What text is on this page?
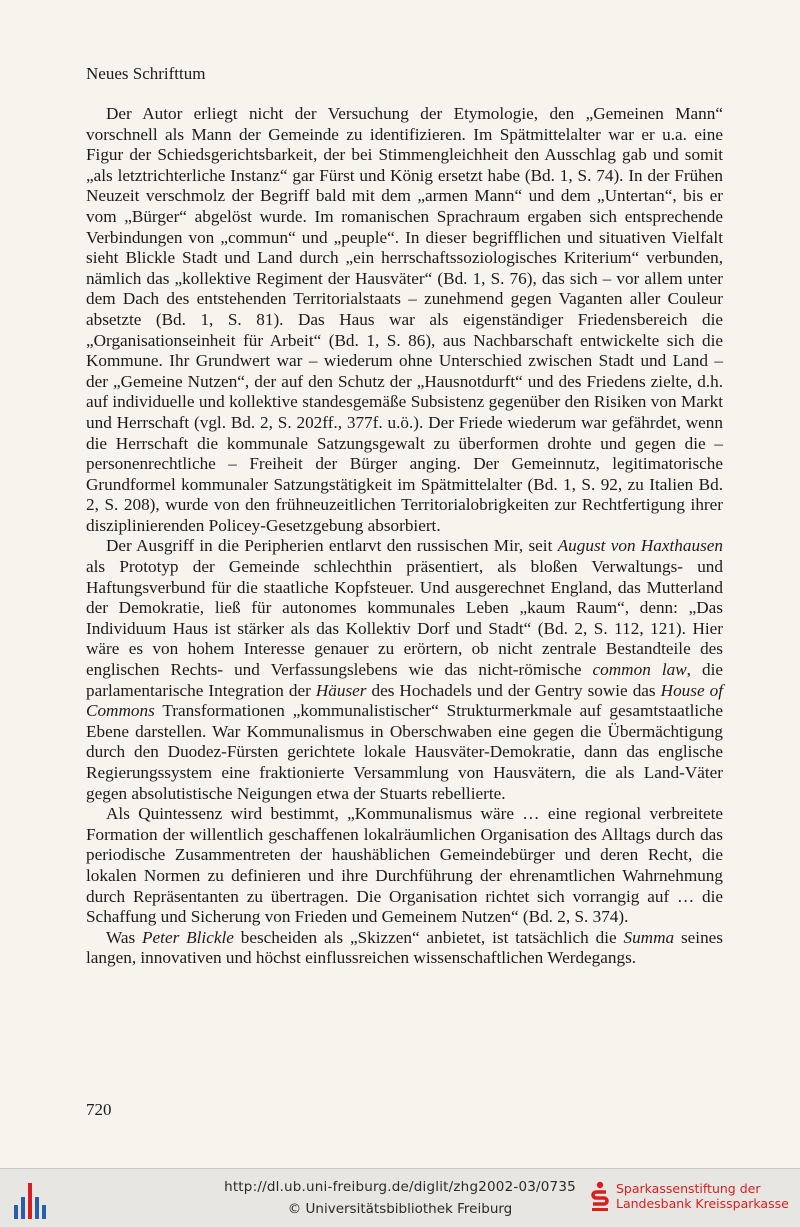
Neues Schrifttum

Der Autor erliegt nicht der Versuchung der Etymologie, den „Gemeinen Mann“ vorschnell als Mann der Gemeinde zu identifizieren. Im Spätmittelalter war er u.a. eine Figur der Schiedsgerichtsbarkeit, der bei Stimmengleichheit den Ausschlag gab und somit „als letztrichterliche Instanz“ gar Fürst und König ersetzt habe (Bd. 1, S. 74). In der Frühen Neuzeit verschmolz der Begriff bald mit dem „armen Mann“ und dem „Untertan“, bis er vom „Bürger“ abgelöst wurde. Im romanischen Sprachraum ergaben sich entsprechende Verbindungen von „commun“ und „peuple“. In dieser begrifflichen und situativen Vielfalt sieht Blickle Stadt und Land durch „ein herrschaftssoziologisches Kriterium“ verbunden, nämlich das „kollektive Regiment der Hausväter“ (Bd. 1, S. 76), das sich – vor allem unter dem Dach des entstehenden Territorialstaats – zunehmend gegen Vaganten aller Couleur absetzte (Bd. 1, S. 81). Das Haus war als eigenständiger Friedensbereich die „Organisationseinheit für Arbeit“ (Bd. 1, S. 86), aus Nachbarschaft entwickelte sich die Kommune. Ihr Grundwert war – wiederum ohne Unterschied zwischen Stadt und Land – der „Gemeine Nutzen“, der auf den Schutz der „Hausnotdurft“ und des Friedens zielte, d.h. auf individuelle und kollektive standesgemäße Subsistenz gegenüber den Risiken von Markt und Herrschaft (vgl. Bd. 2, S. 202ff., 377f. u.ö.). Der Friede wiederum war gefährdet, wenn die Herrschaft die kommunale Satzungsgewalt zu überformen drohte und gegen die – personenrechtliche – Freiheit der Bürger anging. Der Gemeinnutz, legitimatorische Grundformel kommunaler Satzungstätigkeit im Spätmittelalter (Bd. 1, S. 92, zu Italien Bd. 2, S. 208), wurde von den frühneuzeitlichen Territorialobrigkeiten zur Rechtfertigung ihrer disziplinierenden Policey-Gesetzgebung absorbiert.

Der Ausgriff in die Peripherien entlarvt den russischen Mir, seit August von Haxthausen als Prototyp der Gemeinde schlechthin präsentiert, als bloßen Verwaltungs- und Haftungsverbund für die staatliche Kopfsteuer. Und ausgerechnet England, das Mutterland der Demokratie, ließ für autonomes kommunales Leben „kaum Raum“, denn: „Das Individuum Haus ist stärker als das Kollektiv Dorf und Stadt“ (Bd. 2, S. 112, 121). Hier wäre es von hohem Interesse genauer zu erörtern, ob nicht zentrale Bestandteile des englischen Rechts- und Verfassungslebens wie das nicht-römische common law, die parlamentarische Integration der Häuser des Hochadels und der Gentry sowie das House of Commons Transformationen „kommunalistischer“ Strukturmerkmale auf gesamtstaatliche Ebene darstellen. War Kommunalismus in Oberschwaben eine gegen die Übermächtigung durch den Duodez-Fürsten gerichtete lokale Hausväter-Demokratie, dann das englische Regierungssystem eine fraktionierte Versammlung von Hausvätern, die als Land-Väter gegen absolutistische Neigungen etwa der Stuarts rebellierte.

Als Quintessenz wird bestimmt, „Kommunalismus wäre … eine regional verbreitete Formation der willentlich geschaffenen lokalräumlichen Organisation des Alltags durch das periodische Zusammentreten der haushäblichen Gemeindebürger und deren Recht, die lokalen Normen zu definieren und ihre Durchführung der ehrenamtlichen Wahrnehmung durch Repräsentanten zu übertragen. Die Organisation richtet sich vorrangig auf … die Schaffung und Sicherung von Frieden und Gemeinem Nutzen“ (Bd. 2, S. 374).

Was Peter Blickle bescheiden als „Skizzen“ anbietet, ist tatsächlich die Summa seines langen, innovativen und höchst einflussreichen wissenschaftlichen Werdegangs.

720
http://dl.ub.uni-freiburg.de/diglit/zhg2002-03/0735
© Universitätsbibliothek Freiburg
Sparkassenstiftung der
Landesbank Kreissparkasse
